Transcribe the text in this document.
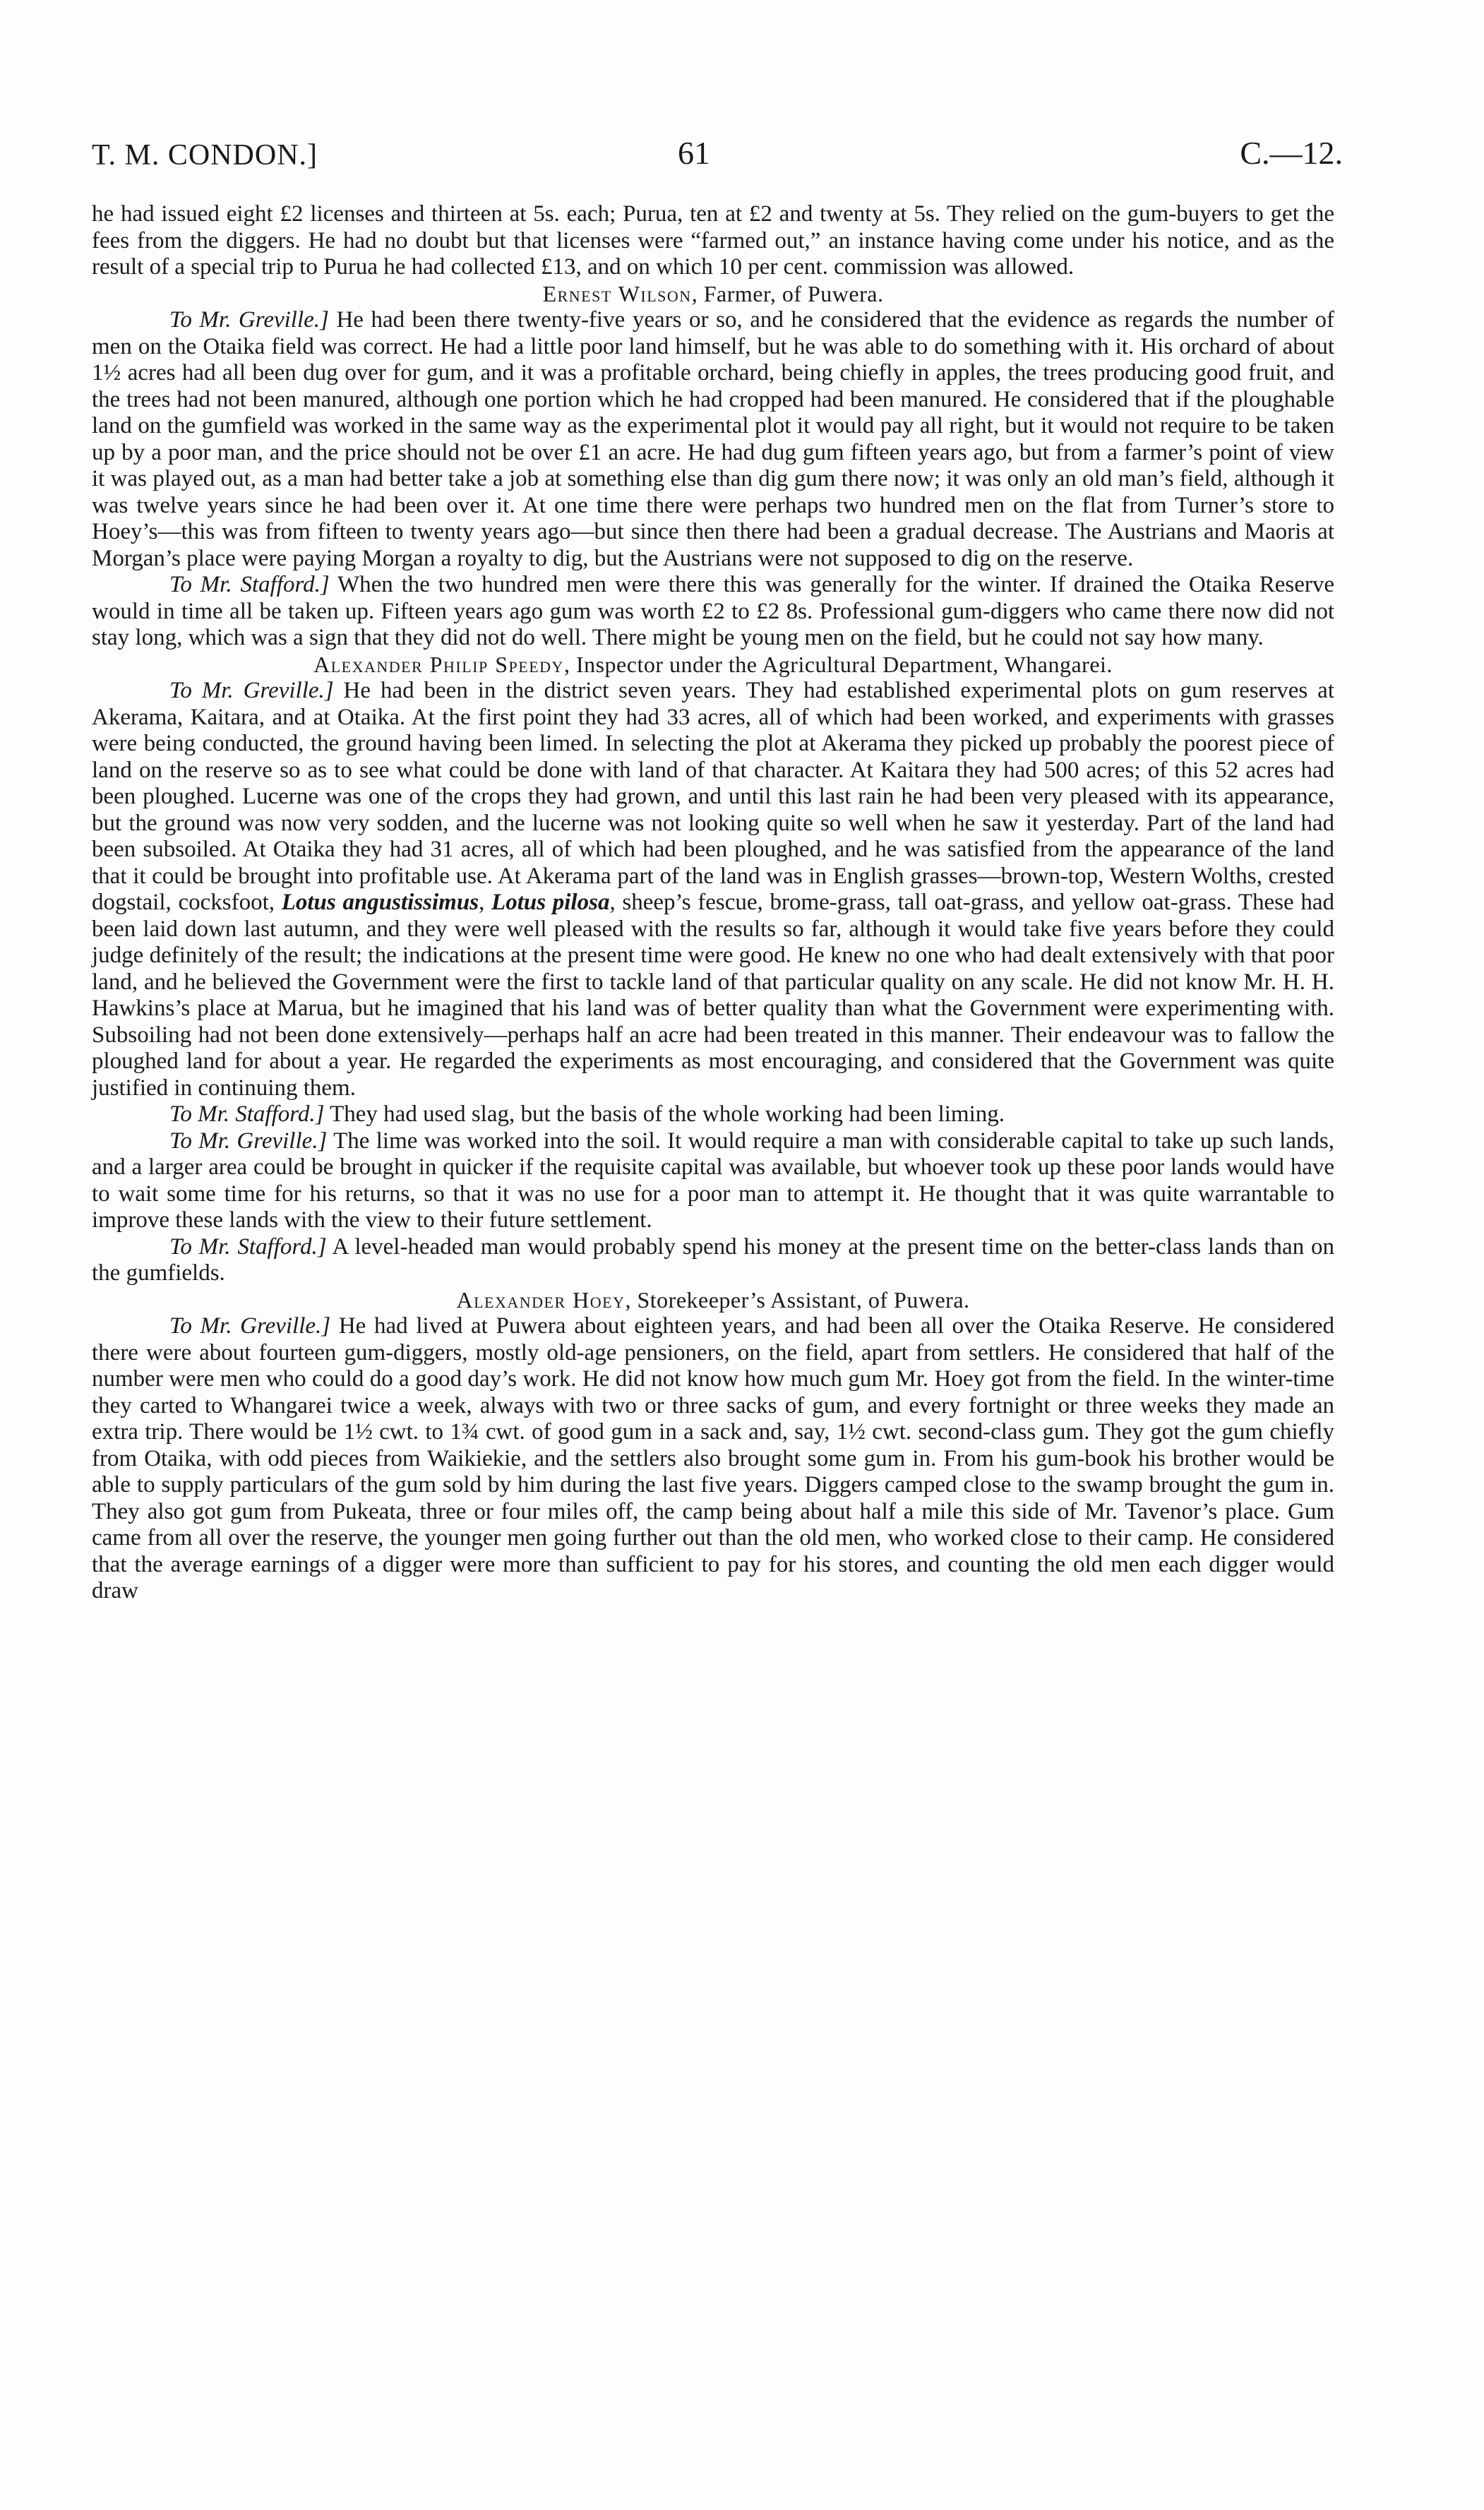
T. M. CONDON.]	61	C.—12.

he had issued eight £2 licenses and thirteen at 5s. each; Purua, ten at £2 and twenty at 5s. They relied on the gum-buyers to get the fees from the diggers. He had no doubt but that licenses were “farmed out,” an instance having come under his notice, and as the result of a special trip to Purua he had collected £13, and on which 10 per cent. commission was allowed.

Ernest Wilson, Farmer, of Puwera.

To Mr. Greville.] He had been there twenty-five years or so, and he considered that the evidence as regards the number of men on the Otaika field was correct. He had a little poor land himself, but he was able to do something with it. His orchard of about 1½ acres had all been dug over for gum, and it was a profitable orchard, being chiefly in apples, the trees producing good fruit, and the trees had not been manured, although one portion which he had cropped had been manured. He considered that if the ploughable land on the gumfield was worked in the same way as the experimental plot it would pay all right, but it would not require to be taken up by a poor man, and the price should not be over £1 an acre. He had dug gum fifteen years ago, but from a farmer’s point of view it was played out, as a man had better take a job at something else than dig gum there now; it was only an old man’s field, although it was twelve years since he had been over it. At one time there were perhaps two hundred men on the flat from Turner’s store to Hoey’s—this was from fifteen to twenty years ago—but since then there had been a gradual decrease. The Austrians and Maoris at Morgan’s place were paying Morgan a royalty to dig, but the Austrians were not supposed to dig on the reserve.

To Mr. Stafford.] When the two hundred men were there this was generally for the winter. If drained the Otaika Reserve would in time all be taken up. Fifteen years ago gum was worth £2 to £2 8s. Professional gum-diggers who came there now did not stay long, which was a sign that they did not do well. There might be young men on the field, but he could not say how many.

Alexander Philip Speedy, Inspector under the Agricultural Department, Whangarei.

To Mr. Greville.] He had been in the district seven years. They had established experimental plots on gum reserves at Akerama, Kaitara, and at Otaika. At the first point they had 33 acres, all of which had been worked, and experiments with grasses were being conducted, the ground having been limed. In selecting the plot at Akerama they picked up probably the poorest piece of land on the reserve so as to see what could be done with land of that character. At Kaitara they had 500 acres; of this 52 acres had been ploughed. Lucerne was one of the crops they had grown, and until this last rain he had been very pleased with its appearance, but the ground was now very sodden, and the lucerne was not looking quite so well when he saw it yesterday. Part of the land had been subsoiled. At Otaika they had 31 acres, all of which had been ploughed, and he was satisfied from the appearance of the land that it could be brought into profitable use. At Akerama part of the land was in English grasses—brown-top, Western Wolths, crested dogstail, cocksfoot, Lotus angustissimus, Lotus pilosa, sheep’s fescue, brome-grass, tall oat-grass, and yellow oat-grass. These had been laid down last autumn, and they were well pleased with the results so far, although it would take five years before they could judge definitely of the result; the indications at the present time were good. He knew no one who had dealt extensively with that poor land, and he believed the Government were the first to tackle land of that particular quality on any scale. He did not know Mr. H. H. Hawkins’s place at Marua, but he imagined that his land was of better quality than what the Government were experimenting with. Subsoiling had not been done extensively—perhaps half an acre had been treated in this manner. Their endeavour was to fallow the ploughed land for about a year. He regarded the experiments as most encouraging, and considered that the Government was quite justified in continuing them.

To Mr. Stafford.] They had used slag, but the basis of the whole working had been liming.

To Mr. Greville.] The lime was worked into the soil. It would require a man with considerable capital to take up such lands, and a larger area could be brought in quicker if the requisite capital was available, but whoever took up these poor lands would have to wait some time for his returns, so that it was no use for a poor man to attempt it. He thought that it was quite warrantable to improve these lands with the view to their future settlement.

To Mr. Stafford.] A level-headed man would probably spend his money at the present time on the better-class lands than on the gumfields.

Alexander Hoey, Storekeeper’s Assistant, of Puwera.

To Mr. Greville.] He had lived at Puwera about eighteen years, and had been all over the Otaika Reserve. He considered there were about fourteen gum-diggers, mostly old-age pensioners, on the field, apart from settlers. He considered that half of the number were men who could do a good day’s work. He did not know how much gum Mr. Hoey got from the field. In the winter-time they carted to Whangarei twice a week, always with two or three sacks of gum, and every fortnight or three weeks they made an extra trip. There would be 1½ cwt. to 1¾ cwt. of good gum in a sack and, say, 1½ cwt. second-class gum. They got the gum chiefly from Otaika, with odd pieces from Waikiekie, and the settlers also brought some gum in. From his gum-book his brother would be able to supply particulars of the gum sold by him during the last five years. Diggers camped close to the swamp brought the gum in. They also got gum from Pukeata, three or four miles off, the camp being about half a mile this side of Mr. Tavenor’s place. Gum came from all over the reserve, the younger men going further out than the old men, who worked close to their camp. He considered that the average earnings of a digger were more than sufficient to pay for his stores, and counting the old men each digger would draw
